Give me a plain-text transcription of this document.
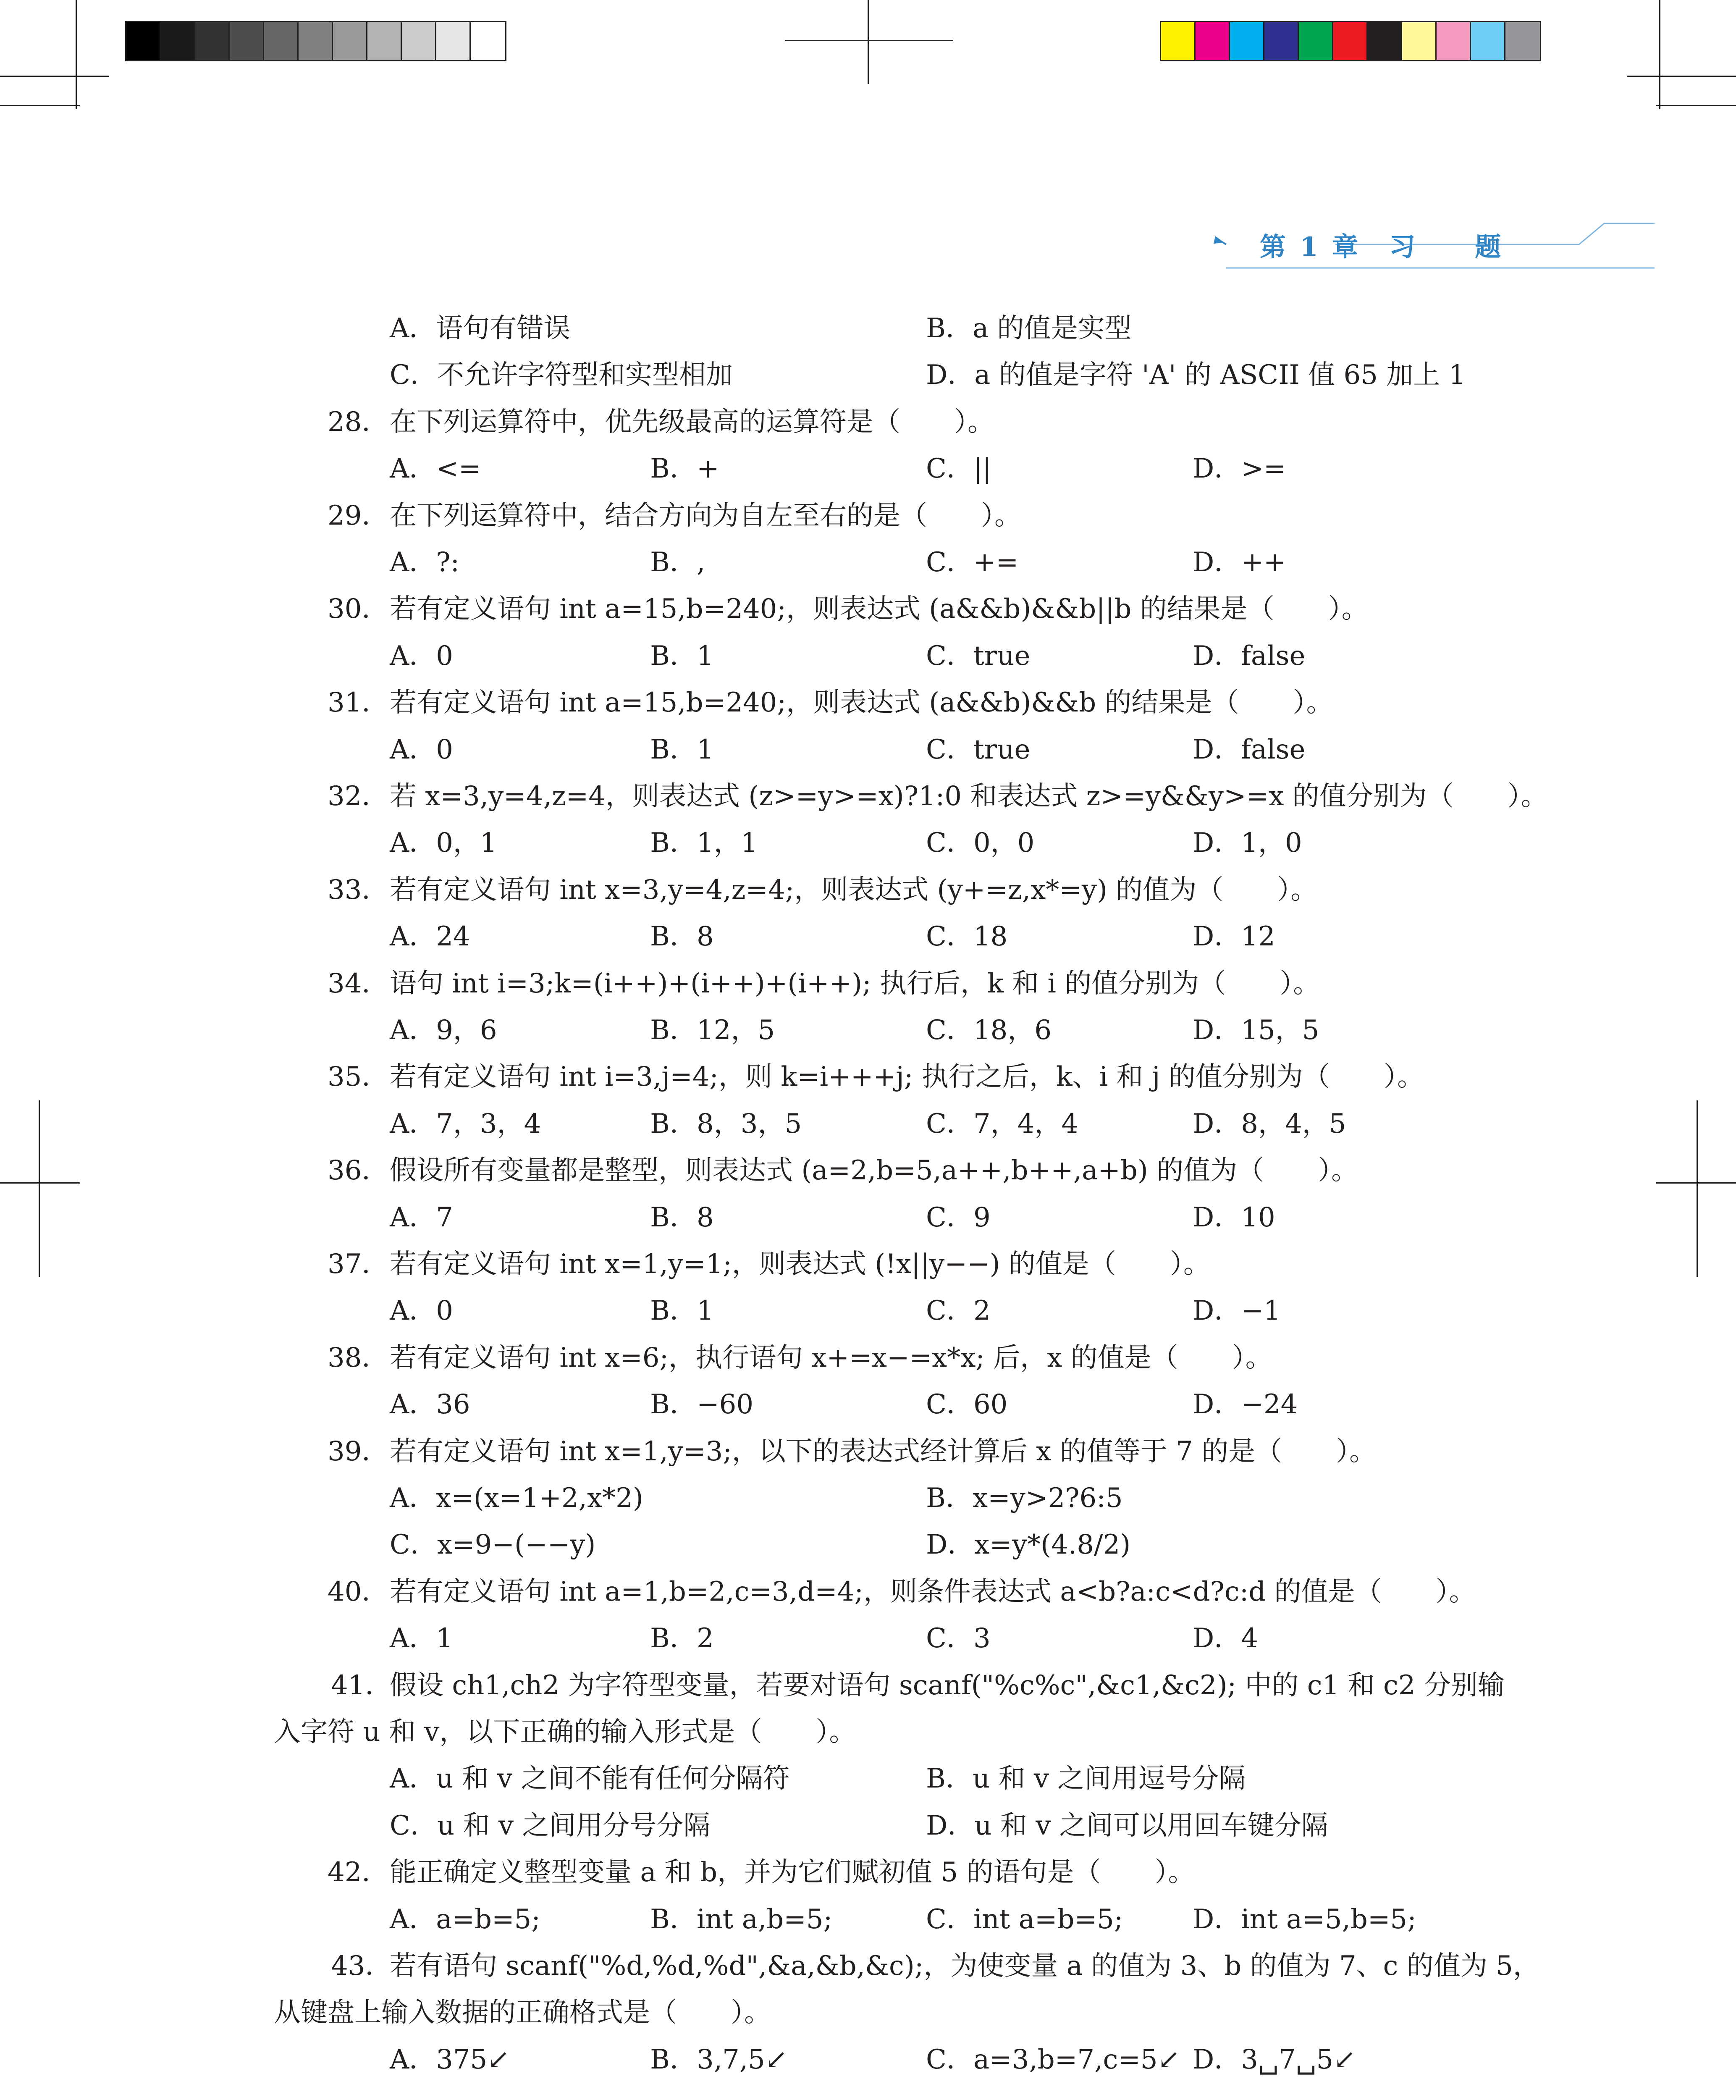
第 1 章　习　　题
A．语句有错误	B．a 的值是实型
C．不允许字符型和实型相加	D．a 的值是字符 'A' 的 ASCII 值 65 加上 1
28． 在下列运算符中，优先级最高的运算符是（　　）。
A．<=	B．+	C．||	D．>=
29． 在下列运算符中，结合方向为自左至右的是（　　）。
A．?:	B．,	C．+=	D．++
30． 若有定义语句 int a=15,b=240;，则表达式 (a&&b)&&b||b 的结果是（　　）。
A．0	B．1	C．true	D．false
31． 若有定义语句 int a=15,b=240;，则表达式 (a&&b)&&b 的结果是（　　）。
A．0	B．1	C．true	D．false
32． 若 x=3,y=4,z=4，则表达式 (z>=y>=x)?1:0 和表达式 z>=y&&y>=x 的值分别为（　　）。
A．0，1	B．1，1	C．0，0	D．1，0
33． 若有定义语句 int x=3,y=4,z=4;，则表达式 (y+=z,x*=y) 的值为（　　）。
A．24	B．8	C．18	D．12
34． 语句 int i=3;k=(i++)+(i++)+(i++); 执行后，k 和 i 的值分别为（　　）。
A．9，6	B．12，5	C．18，6	D．15，5
35． 若有定义语句 int i=3,j=4;，则 k=i+++j; 执行之后，k、i 和 j 的值分别为（　　）。
A．7，3，4	B．8，3，5	C．7，4，4	D．8，4，5
36． 假设所有变量都是整型，则表达式 (a=2,b=5,a++,b++,a+b) 的值为（　　）。
A．7	B．8	C．9	D．10
37． 若有定义语句 int x=1,y=1;，则表达式 (!x||y−−) 的值是（　　）。
A．0	B．1	C．2	D．−1
38． 若有定义语句 int x=6;，执行语句 x+=x−=x*x; 后，x 的值是（　　）。
A．36	B．−60	C．60	D．−24
39． 若有定义语句 int x=1,y=3;，以下的表达式经计算后 x 的值等于 7 的是（　　）。
A．x=(x=1+2,x*2)	B．x=y>2?6:5
C．x=9−(−−y)	D．x=y*(4.8/2)
40． 若有定义语句 int a=1,b=2,c=3,d=4;，则条件表达式 a<b?a:c<d?c:d 的值是（　　）。
A．1	B．2	C．3	D．4
41．
假设 ch1,ch2 为字符型变量，若要对语句 scanf("%c%c",&c1,&c2); 中的 c1 和 c2 分别输
入字符 u 和 v，以下正确的输入形式是（　　）。
A．u 和 v 之间不能有任何分隔符	B．u 和 v 之间用逗号分隔
C．u 和 v 之间用分号分隔	D．u 和 v 之间可以用回车键分隔
42． 能正确定义整型变量 a 和 b，并为它们赋初值 5 的语句是（　　）。
A．a=b=5;	B．int a,b=5;	C．int a=b=5;	D．int a=5,b=5;
43．
若有语句 scanf("%d,%d,%d",&a,&b,&c);，为使变量 a 的值为 3、b 的值为 7、c 的值为 5，
从键盘上输入数据的正确格式是（　　）。
A．375↙	B．3,7,5↙	C．a=3,b=7,c=5↙ D．3␣7␣5↙
